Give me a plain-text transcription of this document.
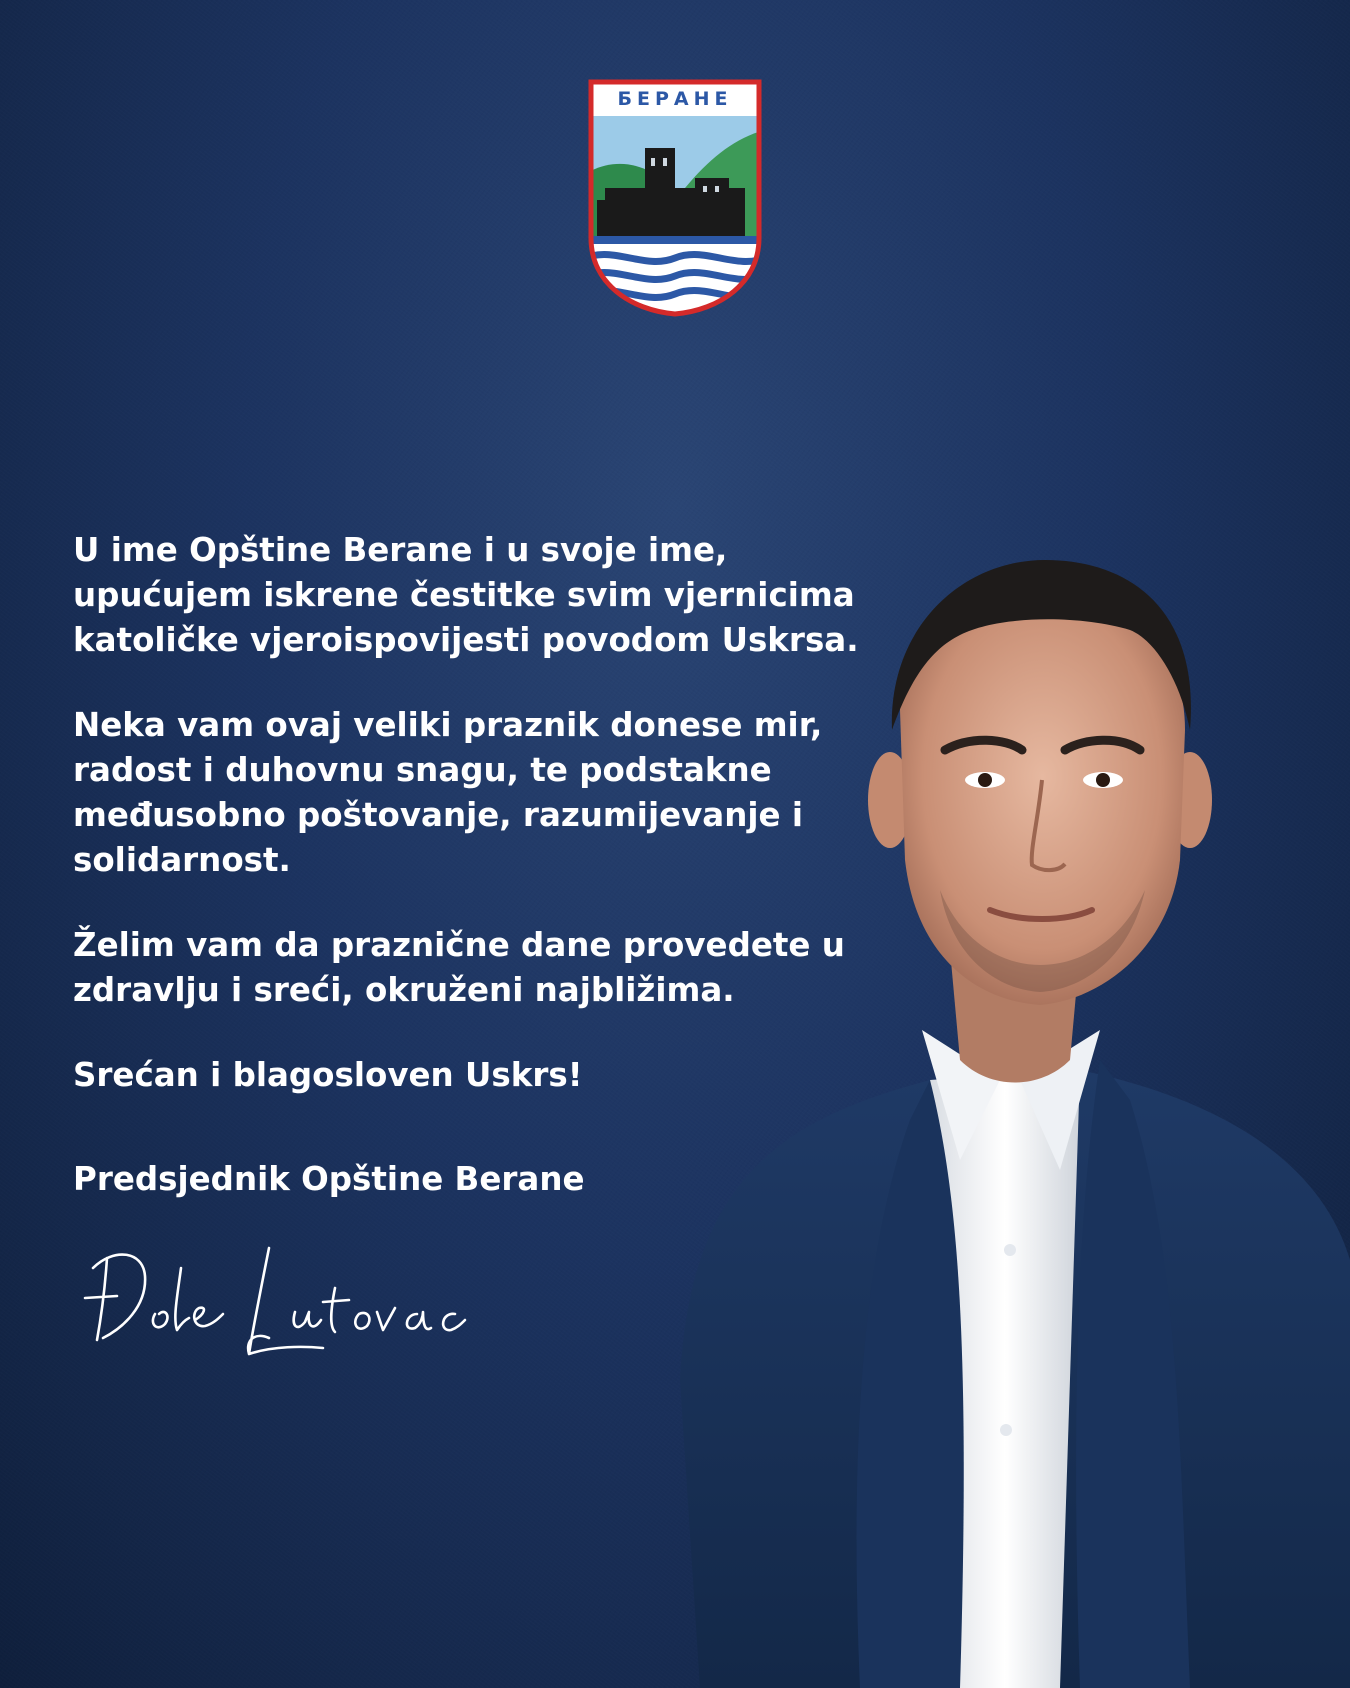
БЕРАНЕ

U ime Opštine Berane i u svoje ime,

upućujem iskrene čestitke svim vjernicima

katoličke vjeroispovijesti povodom Uskrsa.

Neka vam ovaj veliki praznik donese mir,

radost i duhovnu snagu, te podstakne

međusobno poštovanje, razumijevanje i

solidarnost.

Želim vam da praznične dane provedete u

zdravlju i sreći, okruženi najbližima.

Srećan i blagosloven Uskrs!

Predsjednik Opštine Berane
